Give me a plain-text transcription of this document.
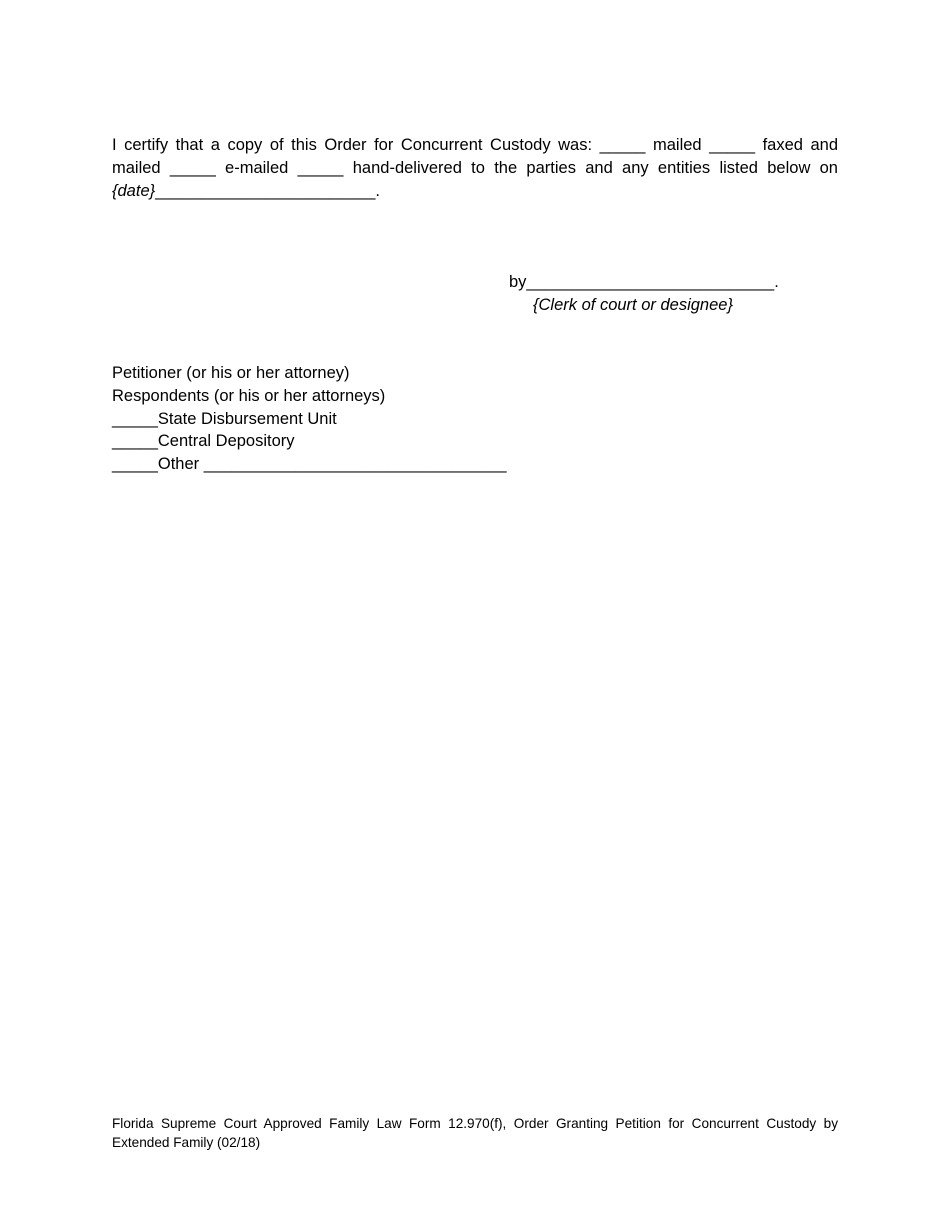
I certify that a copy of this Order for Concurrent Custody was: _____ mailed _____ faxed and mailed _____ e-mailed _____ hand-delivered to the parties and any entities listed below on {date}________________________.
by___________________________.
{Clerk of court or designee}
Petitioner (or his or her attorney)
Respondents (or his or her attorneys)
_____State Disbursement Unit
_____Central Depository
_____Other _________________________________
Florida Supreme Court Approved Family Law Form 12.970(f), Order Granting Petition for Concurrent Custody by Extended Family (02/18)
